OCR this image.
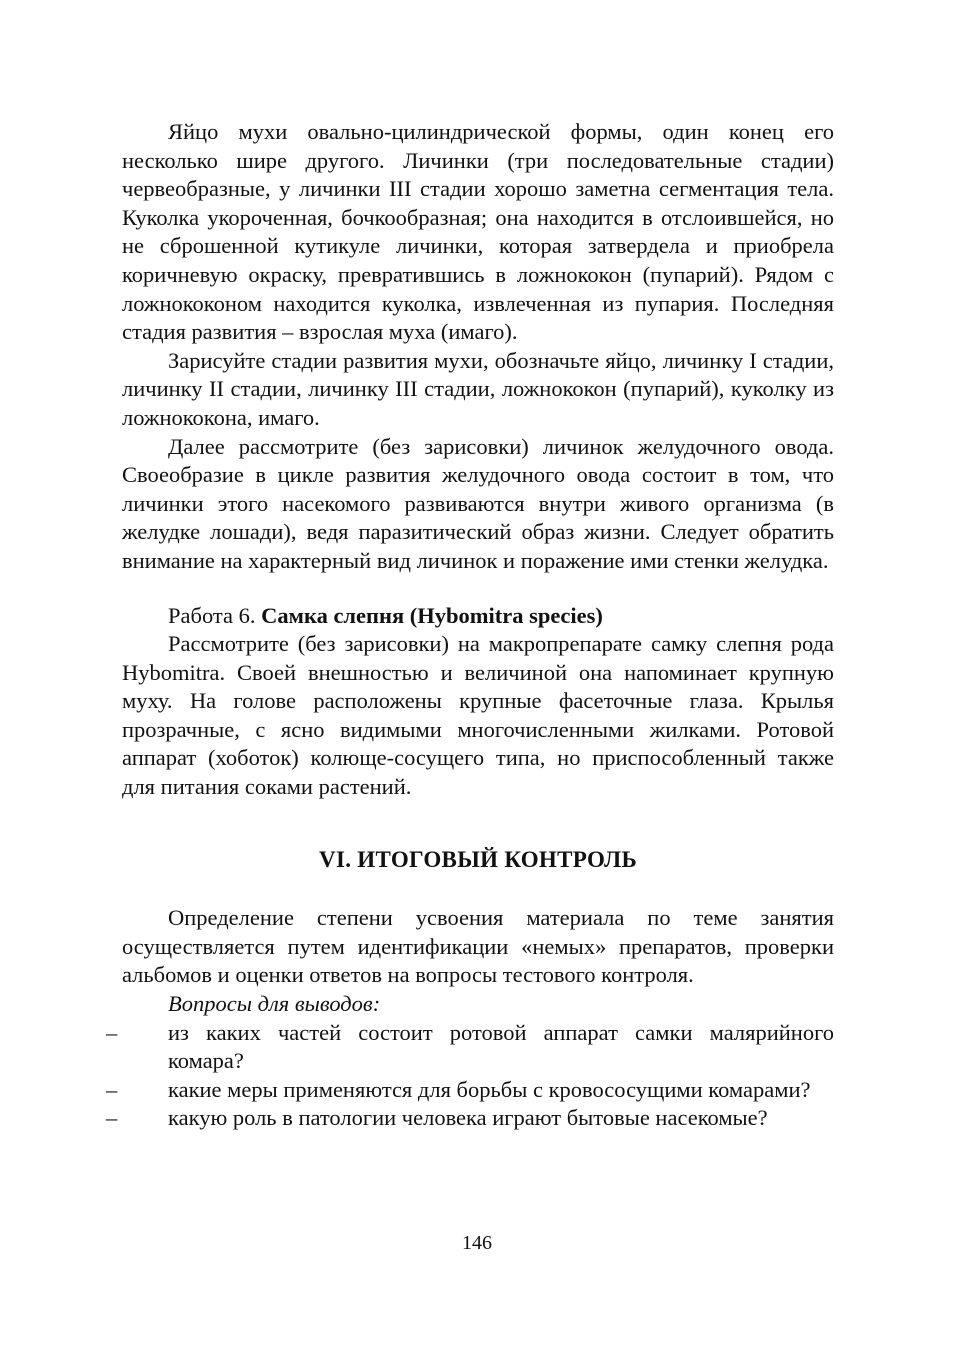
Яйцо мухи овально-цилиндрической формы, один конец его несколько шире другого. Личинки (три последовательные стадии) червеобразные, у личинки III стадии хорошо заметна сегментация тела. Куколка укороченная, бочкообразная; она находится в отслоившейся, но не сброшенной кутикуле личинки, которая затвердела и приобрела коричневую окраску, превратившись в ложнококон (пупарий). Рядом с ложнококоном находится куколка, извлеченная из пупария. Последняя стадия развития – взрослая муха (имаго).

Зарисуйте стадии развития мухи, обозначьте яйцо, личинку I стадии, личинку II стадии, личинку III стадии, ложнококон (пупарий), куколку из ложнококона, имаго.

Далее рассмотрите (без зарисовки) личинок желудочного овода. Своеобразие в цикле развития желудочного овода состоит в том, что личинки этого насекомого развиваются внутри живого организма (в желудке лошади), ведя паразитический образ жизни. Следует обратить внимание на характерный вид личинок и поражение ими стенки желудка.

Работа 6. Самка слепня (Hybomitra species)

Рассмотрите (без зарисовки) на макропрепарате самку слепня рода Hybomitra. Своей внешностью и величиной она напоминает крупную муху. На голове расположены крупные фасеточные глаза. Крылья прозрачные, с ясно видимыми многочисленными жилками. Ротовой аппарат (хоботок) колюще-сосущего типа, но приспособленный также для питания соками растений.

VI. ИТОГОВЫЙ КОНТРОЛЬ

Определение степени усвоения материала по теме занятия осуществляется путем идентификации «немых» препаратов, проверки альбомов и оценки ответов на вопросы тестового контроля.

Вопросы для выводов:

– из каких частей состоит ротовой аппарат самки малярийного комара?
– какие меры применяются для борьбы с кровососущими комарами?
– какую роль в патологии человека играют бытовые насекомые?
146
